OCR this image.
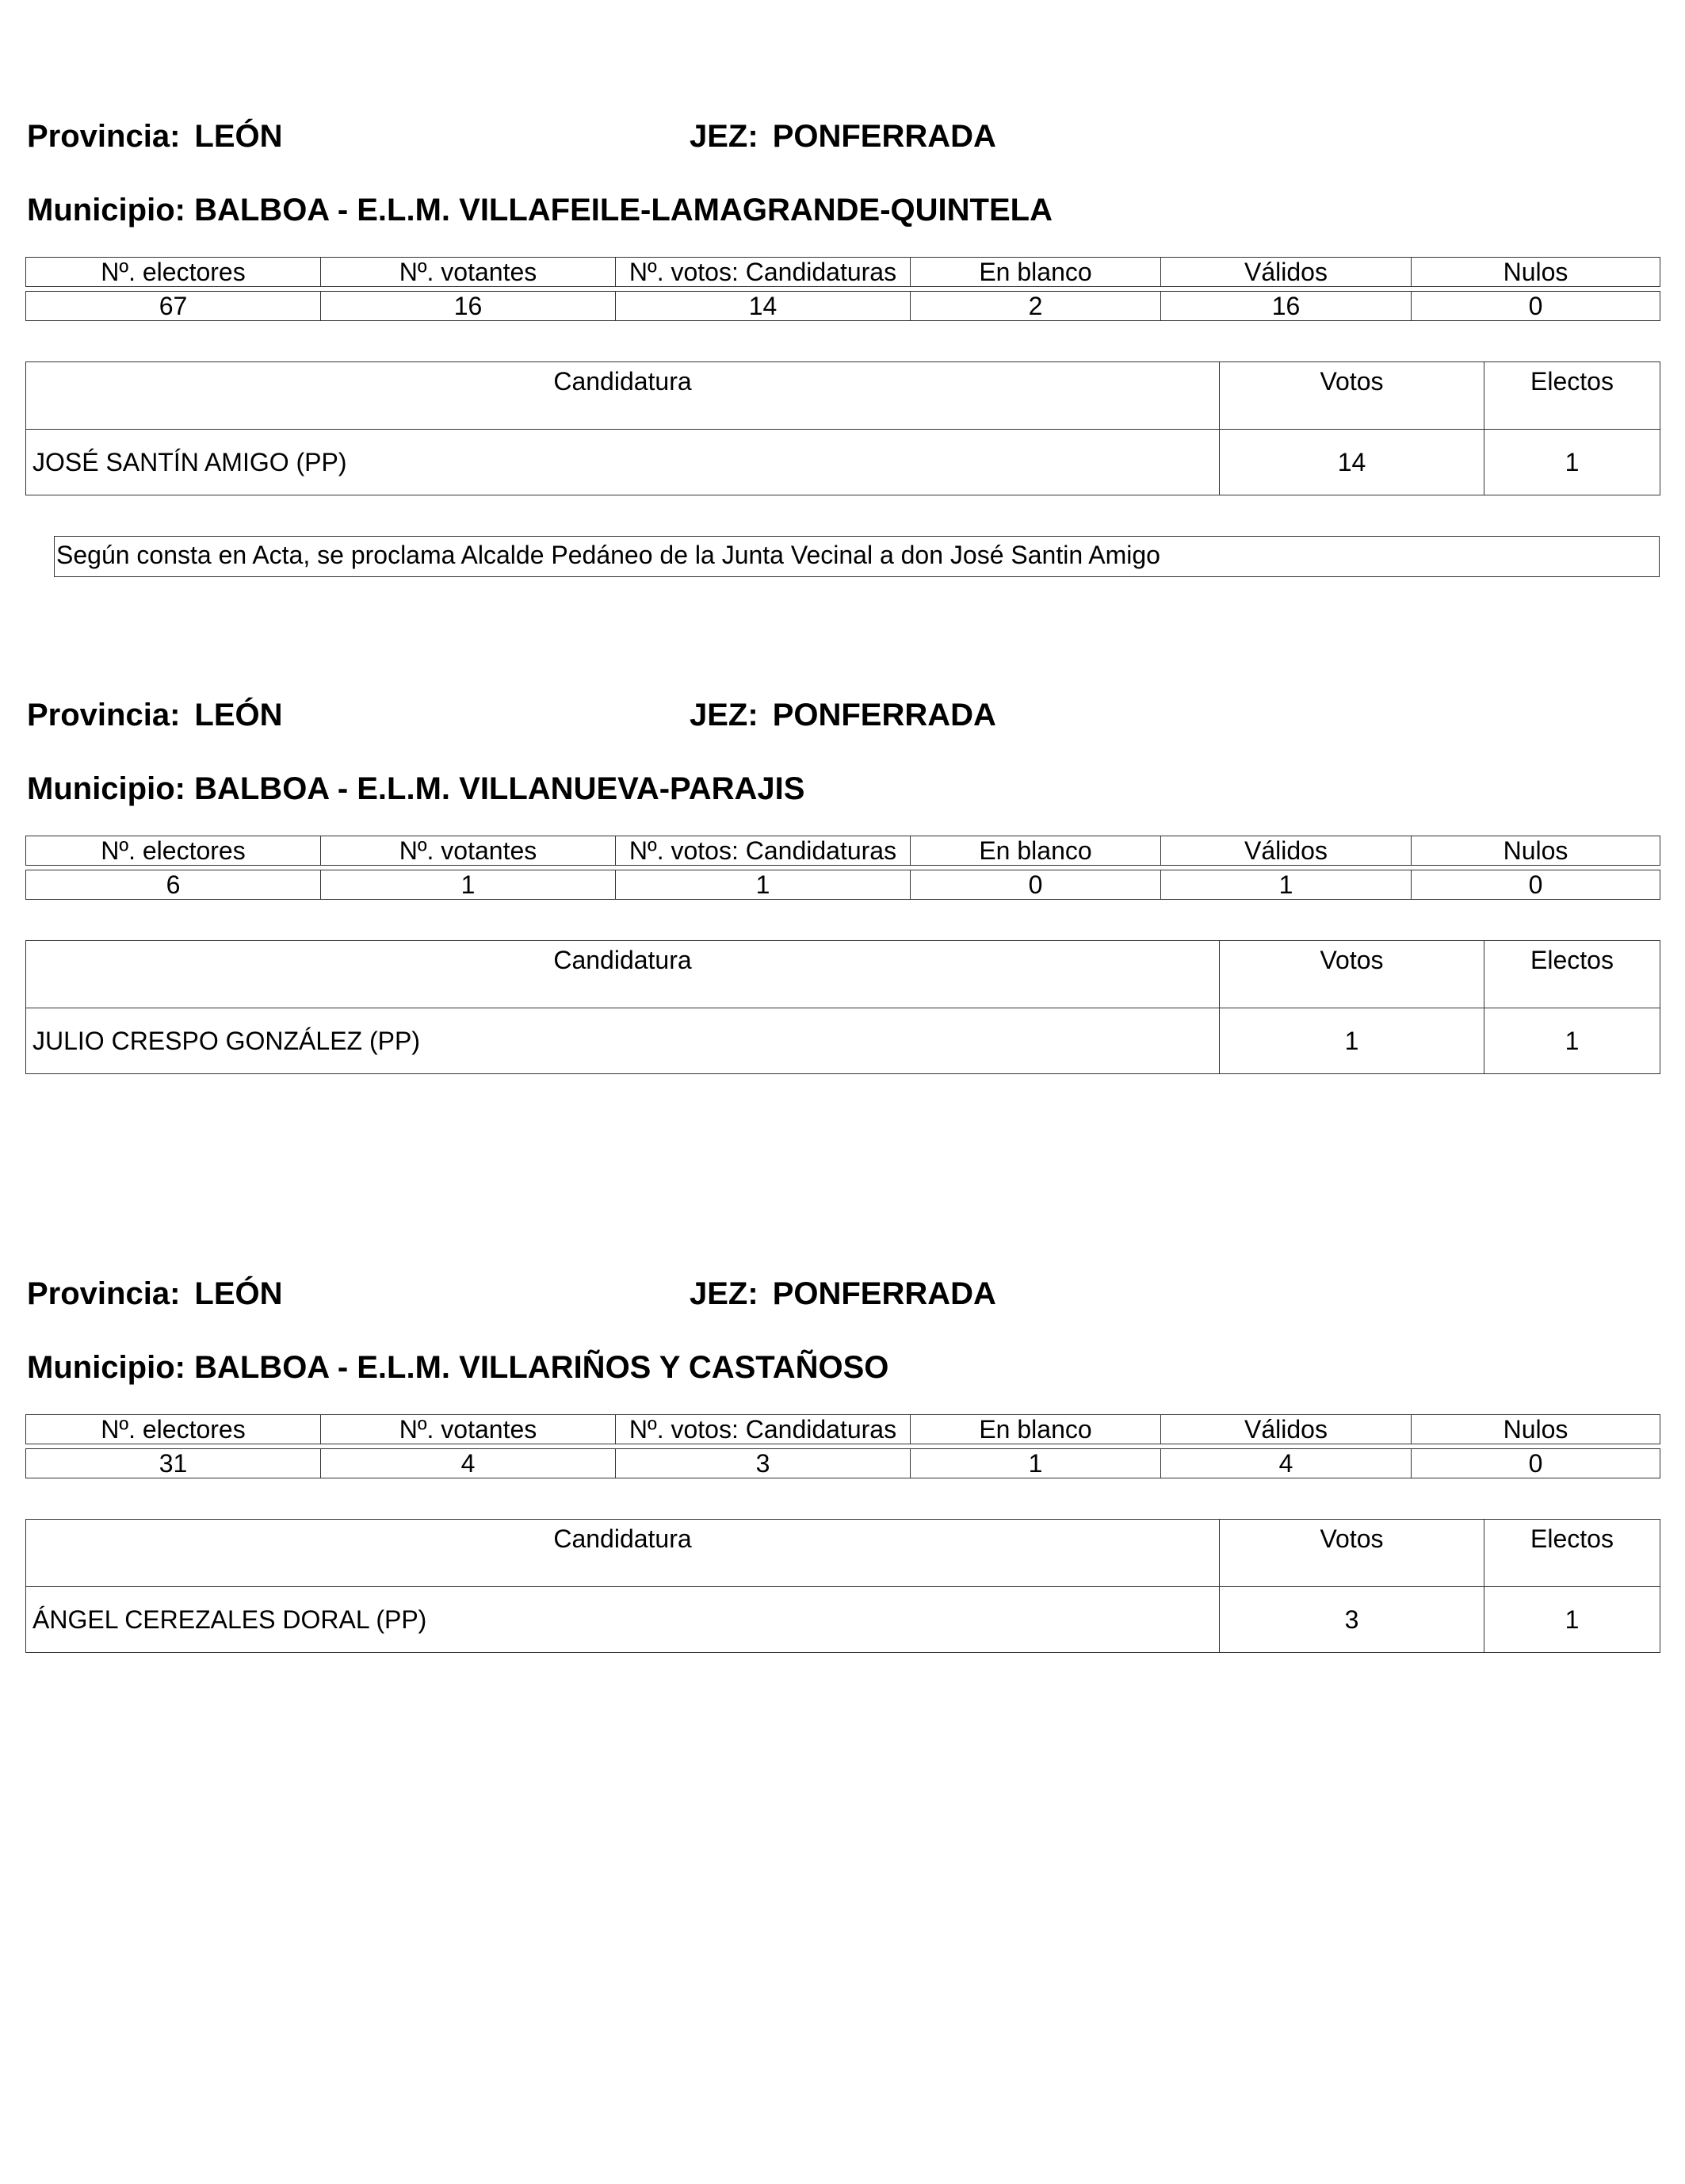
Provincia: LEÓN	JEZ: PONFERRADA
Municipio: BALBOA - E.L.M. VILLAFEILE-LAMAGRANDE-QUINTELA
Nº. electores	Nº. votantes	Nº. votos: Candidaturas	En blanco	Válidos	Nulos

67	16	14	2	16	0
Candidatura	Votos	Electos
JOSÉ SANTÍN AMIGO (PP)	14	1
Según consta en Acta, se proclama Alcalde Pedáneo de la Junta Vecinal a don José Santin Amigo
Provincia: LEÓN	JEZ: PONFERRADA
Municipio: BALBOA - E.L.M. VILLANUEVA-PARAJIS
Nº. electores	Nº. votantes	Nº. votos: Candidaturas	En blanco	Válidos	Nulos

6	1	1	0	1	0
Candidatura	Votos	Electos
JULIO CRESPO GONZÁLEZ (PP)	1	1
Provincia: LEÓN	JEZ: PONFERRADA
Municipio: BALBOA - E.L.M. VILLARIÑOS Y CASTAÑOSO
Nº. electores	Nº. votantes	Nº. votos: Candidaturas	En blanco	Válidos	Nulos

31	4	3	1	4	0
Candidatura	Votos	Electos
ÁNGEL CEREZALES DORAL (PP)	3	1
